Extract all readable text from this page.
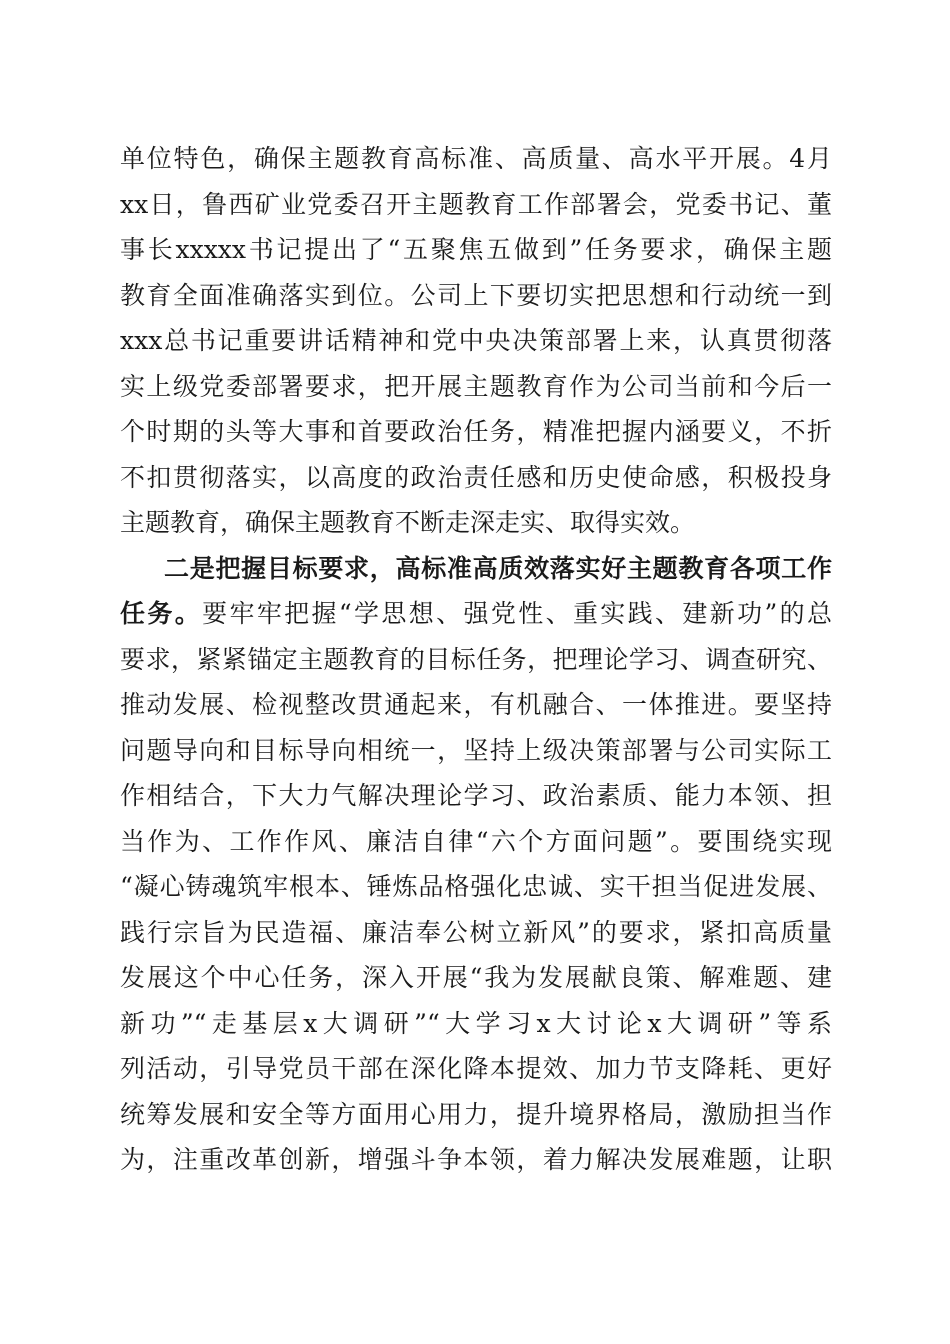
单位特色，确保主题教育高标准、高质量、高水平开展。4月
xx日，鲁西矿业党委召开主题教育工作部署会，党委书记、董
事长xxxxx书记提出了“五聚焦五做到”任务要求，确保主题
教育全面准确落实到位。公司上下要切实把思想和行动统一到
xxx总书记重要讲话精神和党中央决策部署上来，认真贯彻落
实上级党委部署要求，把开展主题教育作为公司当前和今后一
个时期的头等大事和首要政治任务，精准把握内涵要义，不折
不扣贯彻落实，以高度的政治责任感和历史使命感，积极投身
主题教育，确保主题教育不断走深走实、取得实效。
二是把握目标要求，高标准高质效落实好主题教育各项工作
任务。要牢牢把握“学思想、强党性、重实践、建新功”的总
要求，紧紧锚定主题教育的目标任务，把理论学习、调查研究、
推动发展、检视整改贯通起来，有机融合、一体推进。要坚持
问题导向和目标导向相统一，坚持上级决策部署与公司实际工
作相结合，下大力气解决理论学习、政治素质、能力本领、担
当作为、工作作风、廉洁自律“六个方面问题”。要围绕实现
“凝心铸魂筑牢根本、锤炼品格强化忠诚、实干担当促进发展、
践行宗旨为民造福、廉洁奉公树立新风”的要求，紧扣高质量
发展这个中心任务，深入开展“我为发展献良策、解难题、建
新功”“走基层x大调研”“大学习x大讨论x大调研”等系
列活动，引导党员干部在深化降本提效、加力节支降耗、更好
统筹发展和安全等方面用心用力，提升境界格局，激励担当作
为，注重改革创新，增强斗争本领，着力解决发展难题，让职
